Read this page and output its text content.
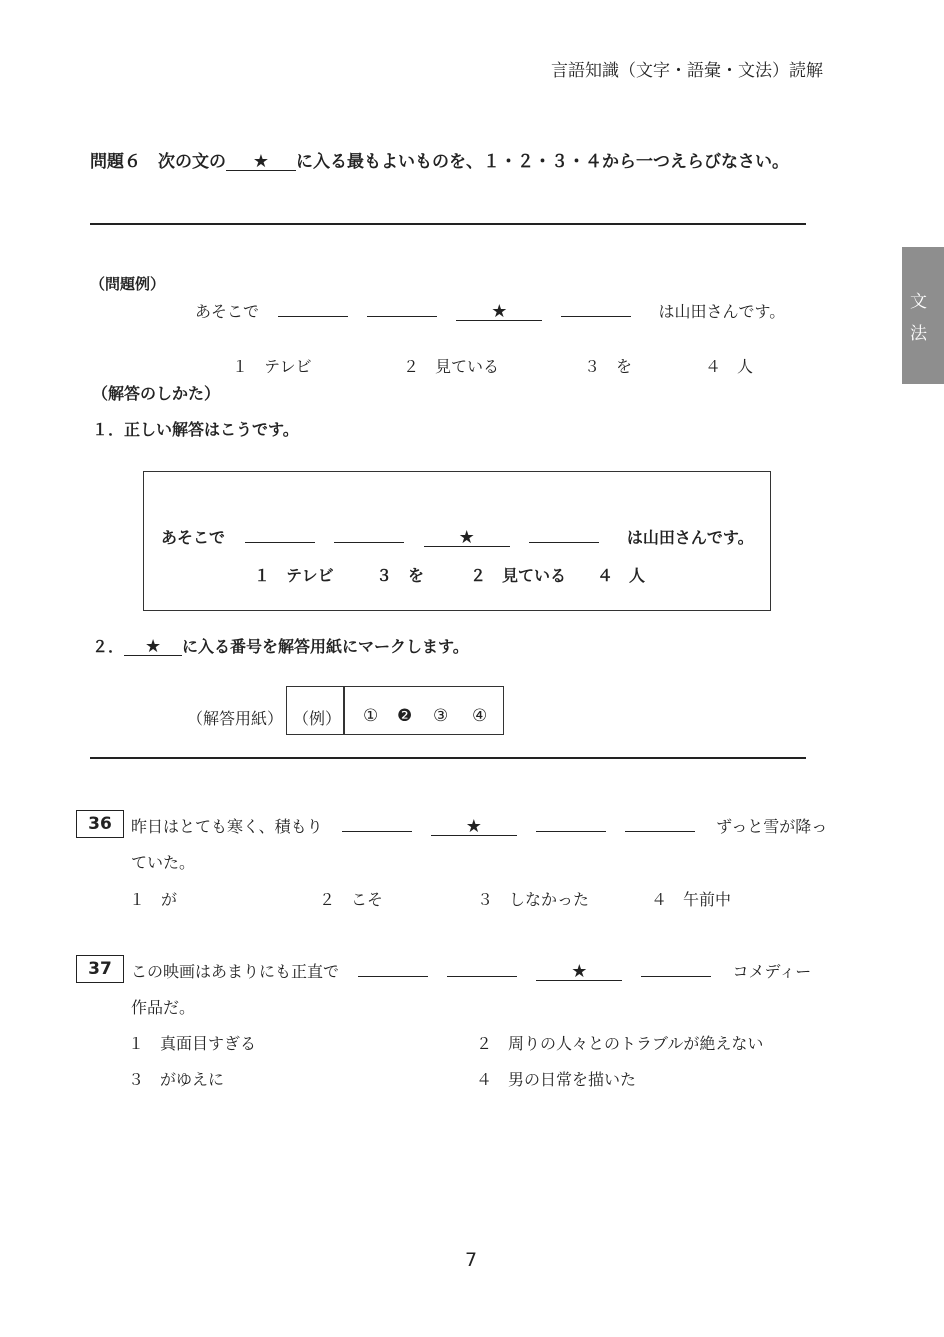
言語知識（文字・語彙・文法）読解
文
法
問題６　次の文の ★ に入る最もよいものを、１・２・３・４から一つえらびなさい。
（問題例）
あそこで	★	は山田さんです。
１　テレビ	２　見ている	３　を	４　人
（解答のしかた）
１．正しい解答はこうです。
あそこで	★	は山田さんです。
１　テレビ	３　を	２　見ている ４　人
２． ★ に入る番号を解答用紙にマークします。
（解答用紙） （例） ① ❷ ③ ④
36	昨日はとても寒く、積もり	★	ずっと雪が降っ
ていた。
１　が	２　こそ	３　しなかった	４　午前中
37	この映画はあまりにも正直で	★	コメディー
作品だ。
１　真面目すぎる	２　周りの人々とのトラブルが絶えない
３　がゆえに	４　男の日常を描いた
7
